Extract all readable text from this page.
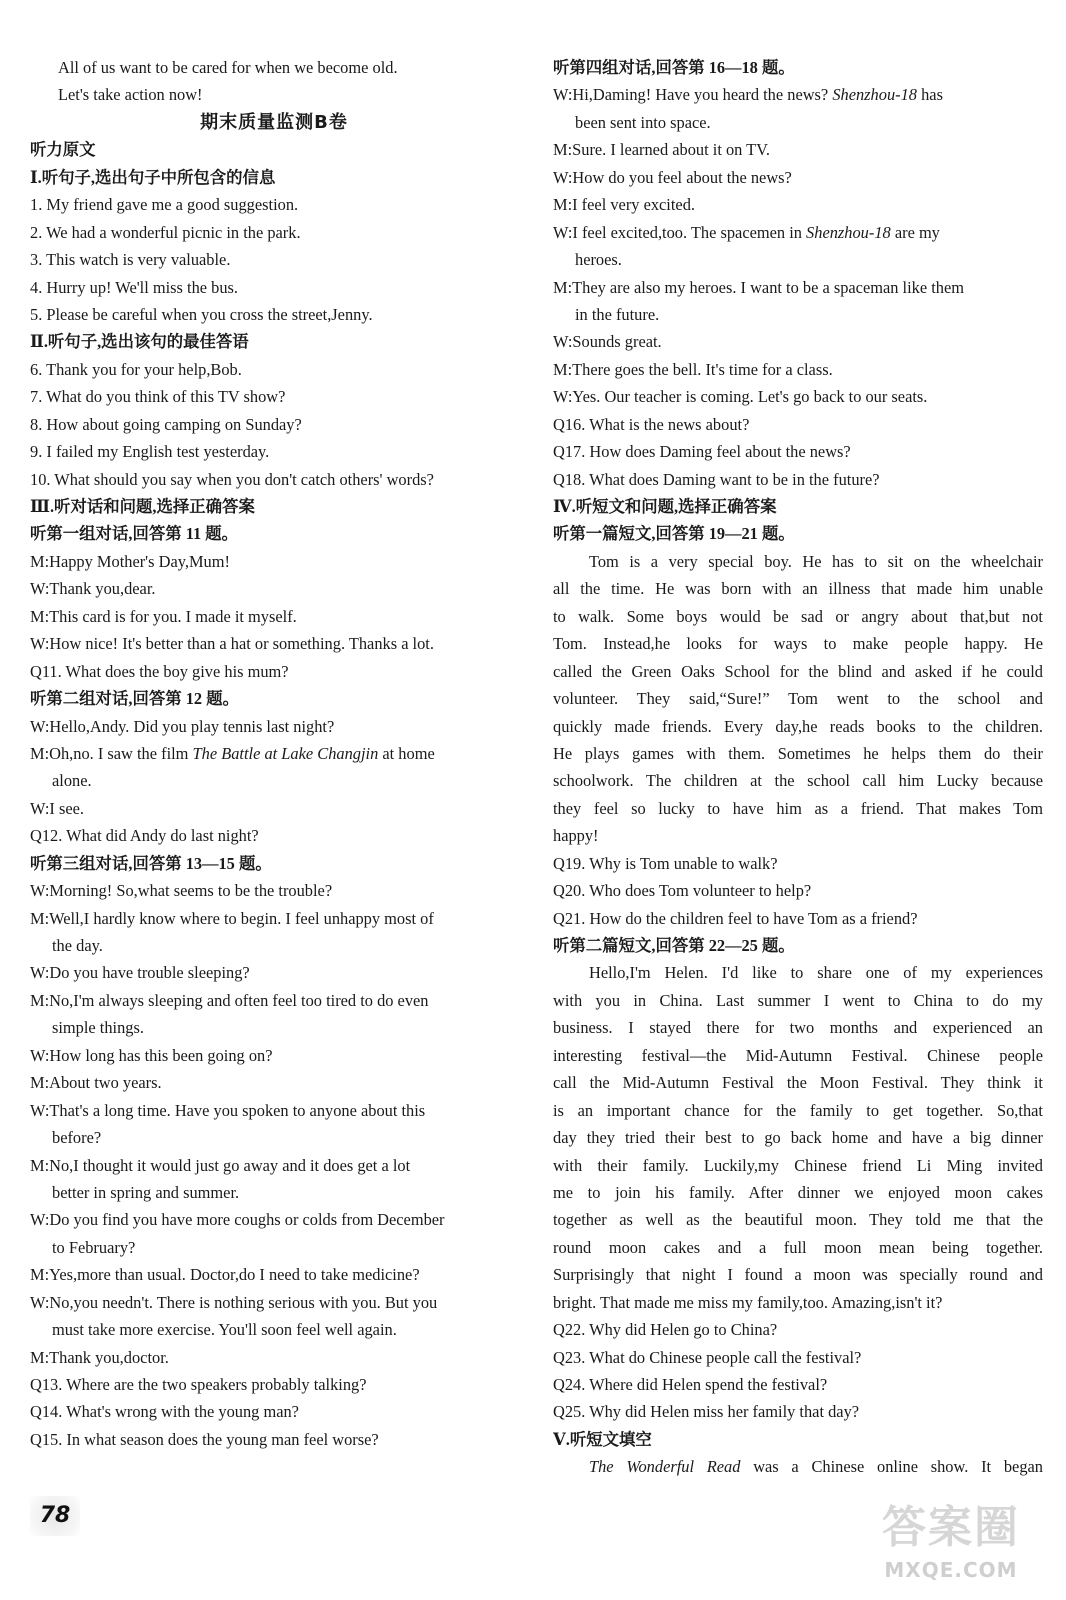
All of us want to be cared for when we become old.
Let's take action now!
期末质量监测B卷
听力原文
Ⅰ.听句子,选出句子中所包含的信息
1. My friend gave me a good suggestion.
2. We had a wonderful picnic in the park.
3. This watch is very valuable.
4. Hurry up! We'll miss the bus.
5. Please be careful when you cross the street,Jenny.
Ⅱ.听句子,选出该句的最佳答语
6. Thank you for your help,Bob.
7. What do you think of this TV show?
8. How about going camping on Sunday?
9. I failed my English test yesterday.
10. What should you say when you don't catch others' words?
Ⅲ.听对话和问题,选择正确答案
听第一组对话,回答第 11 题。
M:Happy Mother's Day,Mum!
W:Thank you,dear.
M:This card is for you. I made it myself.
W:How nice! It's better than a hat or something. Thanks a lot.
Q11. What does the boy give his mum?
听第二组对话,回答第 12 题。
W:Hello,Andy. Did you play tennis last night?
M:Oh,no. I saw the film The Battle at Lake Changjin at home
alone.
W:I see.
Q12. What did Andy do last night?
听第三组对话,回答第 13—15 题。
W:Morning! So,what seems to be the trouble?
M:Well,I hardly know where to begin. I feel unhappy most of
the day.
W:Do you have trouble sleeping?
M:No,I'm always sleeping and often feel too tired to do even
simple things.
W:How long has this been going on?
M:About two years.
W:That's a long time. Have you spoken to anyone about this
before?
M:No,I thought it would just go away and it does get a lot
better in spring and summer.
W:Do you find you have more coughs or colds from December
to February?
M:Yes,more than usual. Doctor,do I need to take medicine?
W:No,you needn't. There is nothing serious with you. But you
must take more exercise. You'll soon feel well again.
M:Thank you,doctor.
Q13. Where are the two speakers probably talking?
Q14. What's wrong with the young man?
Q15. In what season does the young man feel worse?
听第四组对话,回答第 16—18 题。
W:Hi,Daming! Have you heard the news? Shenzhou-18 has
been sent into space.
M:Sure. I learned about it on TV.
W:How do you feel about the news?
M:I feel very excited.
W:I feel excited,too. The spacemen in Shenzhou-18 are my
heroes.
M:They are also my heroes. I want to be a spaceman like them
in the future.
W:Sounds great.
M:There goes the bell. It's time for a class.
W:Yes. Our teacher is coming. Let's go back to our seats.
Q16. What is the news about?
Q17. How does Daming feel about the news?
Q18. What does Daming want to be in the future?
Ⅳ.听短文和问题,选择正确答案
听第一篇短文,回答第 19—21 题。
Tom is a very special boy. He has to sit on the wheelchair
all the time. He was born with an illness that made him unable
to walk. Some boys would be sad or angry about that,but not
Tom. Instead,he looks for ways to make people happy. He
called the Green Oaks School for the blind and asked if he could
volunteer. They said,“Sure!” Tom went to the school and
quickly made friends. Every day,he reads books to the children.
He plays games with them. Sometimes he helps them do their
schoolwork. The children at the school call him Lucky because
they feel so lucky to have him as a friend. That makes Tom
happy!
Q19. Why is Tom unable to walk?
Q20. Who does Tom volunteer to help?
Q21. How do the children feel to have Tom as a friend?
听第二篇短文,回答第 22—25 题。
Hello,I'm Helen. I'd like to share one of my experiences
with you in China. Last summer I went to China to do my
business. I stayed there for two months and experienced an
interesting festival—the Mid-Autumn Festival. Chinese people
call the Mid-Autumn Festival the Moon Festival. They think it
is an important chance for the family to get together. So,that
day they tried their best to go back home and have a big dinner
with their family. Luckily,my Chinese friend Li Ming invited
me to join his family. After dinner we enjoyed moon cakes
together as well as the beautiful moon. They told me that the
round moon cakes and a full moon mean being together.
Surprisingly that night I found a moon was specially round and
bright. That made me miss my family,too. Amazing,isn't it?
Q22. Why did Helen go to China?
Q23. What do Chinese people call the festival?
Q24. Where did Helen spend the festival?
Q25. Why did Helen miss her family that day?
Ⅴ.听短文填空
The Wonderful Read was a Chinese online show. It began
78	答案圈
MXQE.COM
